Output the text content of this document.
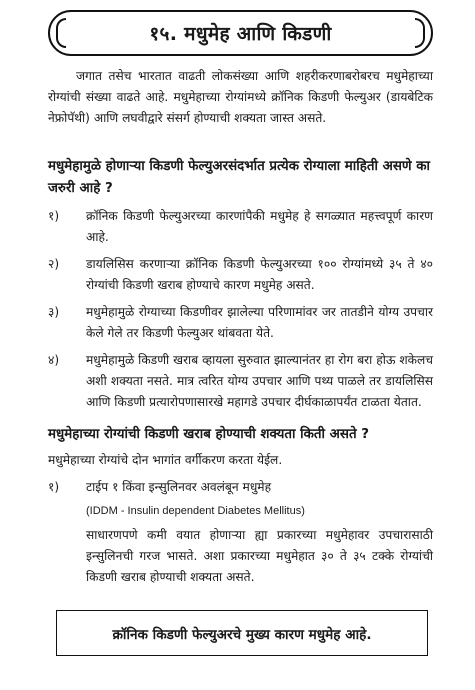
१५. मधुमेह आणि किडणी

जगात तसेच भारतात वाढती लोकसंख्या आणि शहरीकरणाबरोबरच मधुमेहाच्या रोग्यांची संख्या वाढते आहे. मधुमेहाच्या रोग्यांमध्ये क्रॉनिक किडणी फेल्युअर (डायबेटिक नेफ्रोपॅथी) आणि लघवीद्वारे संसर्ग होण्याची शक्यता जास्त असते.

मधुमेहामुळे होणाऱ्या किडणी फेल्युअरसंदर्भात प्रत्येक रोग्याला माहिती असणे का जरुरी आहे ?

१)	क्रॉनिक किडणी फेल्युअरच्या कारणांपैकी मधुमेह हे सगळ्यात महत्त्वपूर्ण कारण आहे.
२)	डायलिसिस करणाऱ्या क्रॉनिक किडणी फेल्युअरच्या १०० रोग्यांमध्ये ३५ ते ४० रोग्यांची किडणी खराब होण्याचे कारण मधुमेह असते.
३)	मधुमेहामुळे रोग्याच्या किडणीवर झालेल्या परिणामांवर जर तातडीने योग्य उपचार केले गेले तर किडणी फेल्युअर थांबवता येते.
४)	मधुमेहामुळे किडणी खराब व्हायला सुरुवात झाल्यानंतर हा रोग बरा होऊ शकेलच अशी शक्यता नसते. मात्र त्वरित योग्य उपचार आणि पथ्य पाळले तर डायलिसिस आणि किडणी प्रत्यारोपणासारखे महागडे उपचार दीर्घकाळापर्यंत टाळता येतात.

मधुमेहाच्या रोग्यांची किडणी खराब होण्याची शक्यता किती असते ?

मधुमेहाच्या रोग्यांचे दोन भागांत वर्गीकरण करता येईल.

१)	टाईप १ किंवा इन्सुलिनवर अवलंबून मधुमेह

(IDDM - Insulin dependent Diabetes Mellitus)

साधारणपणे कमी वयात होणाऱ्या ह्या प्रकारच्या मधुमेहावर उपचारासाठी इन्सुलिनची गरज भासते. अशा प्रकारच्या मधुमेहात ३० ते ३५ टक्के रोग्यांची किडणी खराब होण्याची शक्यता असते.

क्रॉनिक किडणी फेल्युअरचे मुख्य कारण मधुमेह आहे.
